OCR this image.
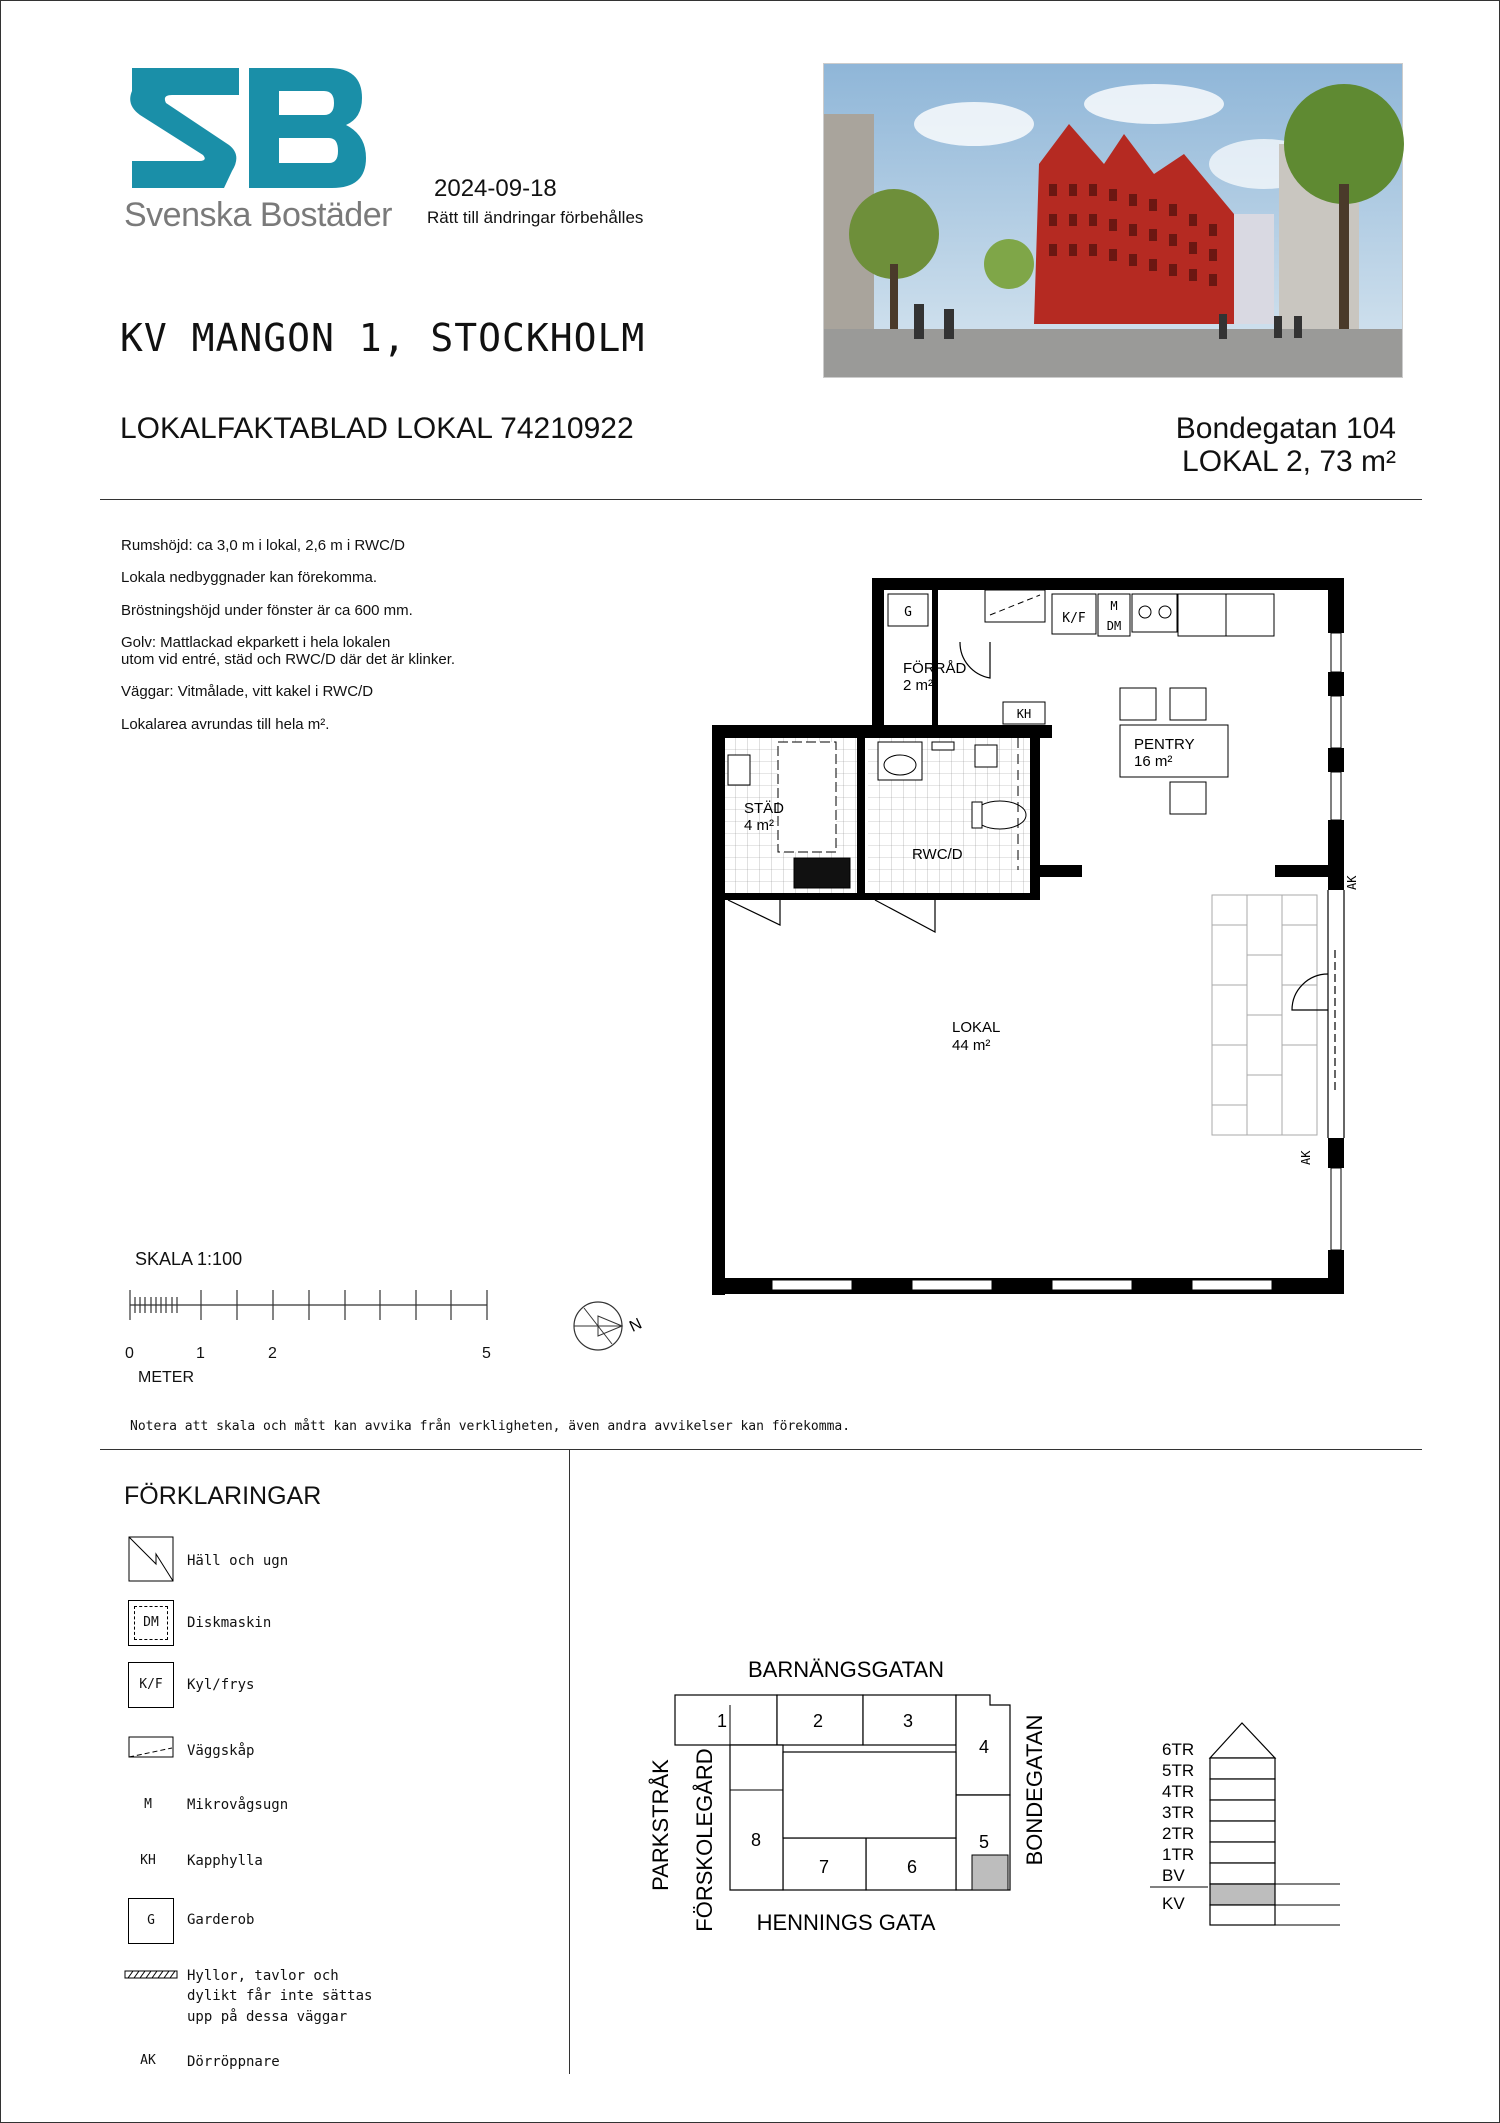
Svenska Bostäder
2024-09-18
Rätt till ändringar förbehålles
KV MANGON 1, STOCKHOLM
LOKALFAKTABLAD LOKAL 74210922	Bondegatan 104
LOKAL 2, 73 m²

Rumshöjd: ca 3,0 m i lokal, 2,6 m i RWC/D

Lokala nedbyggnader kan förekomma.

Bröstningshöjd under fönster är ca 600 mm.

Golv: Mattlackad ekparkett i hela lokalen

utom vid entré, städ och RWC/D där det är klinker.

Väggar: Vitmålade, vitt kakel i RWC/D

Lokalarea avrundas till hela m².

G
FÖRRÅD
2 m²
K/F
M
DM
KH
PENTRY
16 m²
STÄD
4 m²
RWC/D
LOKAL
44 m²
AK
AK
SKALA 1:100
0	1	2	5
METER
N
Notera att skala och mått kan avvika från verkligheten, även andra avvikelser kan förekomma.
FÖRKLARINGAR
Häll och ugn
DM	Diskmaskin
K/F	Kyl/frys
Väggskåp
M	Mikrovågsugn
KH	Kapphylla
G	Garderob
Hyllor, tavlor och
dylikt får inte sättas
upp på dessa väggar
AK	Dörröppnare
1	2	3
4
5
6
7
8
BARNÄNGSGATAN
HENNINGS GATA
BONDEGATAN
PARKSTRÅK FÖRSKOLEGÅRD	6TR
5TR
4TR
3TR
2TR
1TR
BV
KV
